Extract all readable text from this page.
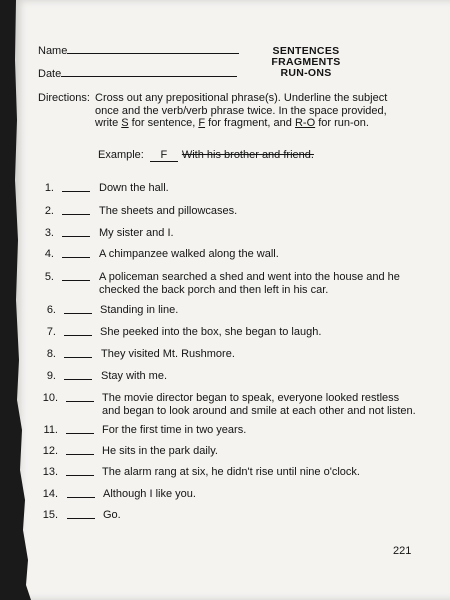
Name
Date
SENTENCES
FRAGMENTS
RUN-ONS
Directions: Cross out any prepositional phrase(s). Underline the subject once and the verb/verb phrase twice. In the space provided, write S for sentence, F for fragment, and R-O for run-on.
Example: F With his brother and friend.
1.	Down the hall.
2.	The sheets and pillowcases.
3.	My sister and I.
4.	A chimpanzee walked along the wall.
5.	A policeman searched a shed and went into the house and he checked the back porch and then left in his car.
6.	Standing in line.
7.	She peeked into the box, she began to laugh.
8.	They visited Mt. Rushmore.
9.	Stay with me.
10.	The movie director began to speak, everyone looked restless and began to look around and smile at each other and not listen.
11.	For the first time in two years.
12.	He sits in the park daily.
13.	The alarm rang at six, he didn't rise until nine o'clock.
14.	Although I like you.
15.	Go.
221
